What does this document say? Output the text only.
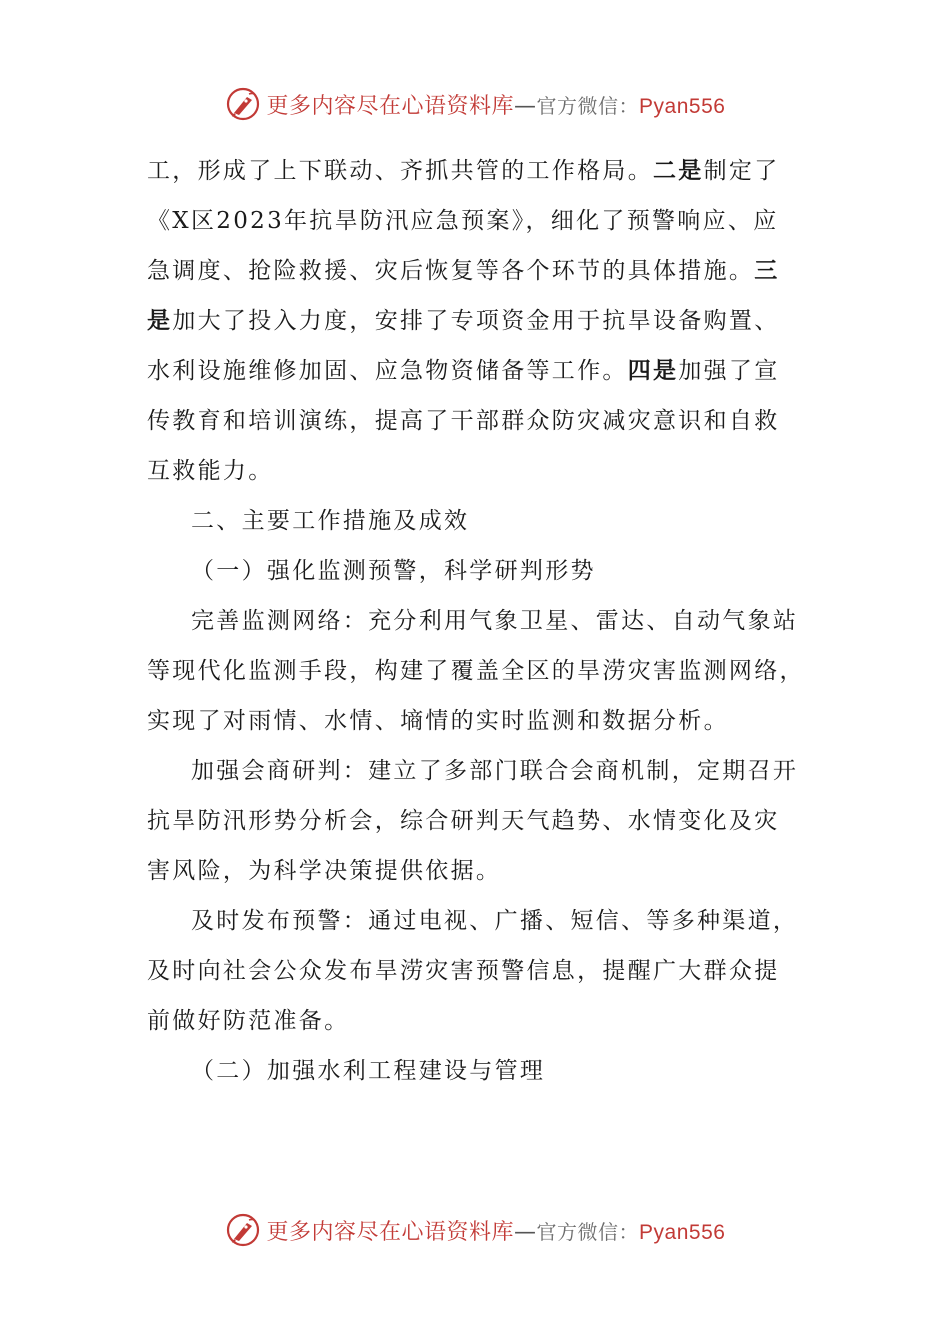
更多内容尽在心语资料库—官方微信：Pyan556
工，形成了上下联动、齐抓共管的工作格局。二是制定了
《X区2023年抗旱防汛应急预案》，细化了预警响应、应
急调度、抢险救援、灾后恢复等各个环节的具体措施。三
是加大了投入力度，安排了专项资金用于抗旱设备购置、
水利设施维修加固、应急物资储备等工作。四是加强了宣
传教育和培训演练，提高了干部群众防灾减灾意识和自救
互救能力。
二、主要工作措施及成效
（一）强化监测预警，科学研判形势
完善监测网络：充分利用气象卫星、雷达、自动气象站
等现代化监测手段，构建了覆盖全区的旱涝灾害监测网络，
实现了对雨情、水情、墒情的实时监测和数据分析。
加强会商研判：建立了多部门联合会商机制，定期召开
抗旱防汛形势分析会，综合研判天气趋势、水情变化及灾
害风险，为科学决策提供依据。
及时发布预警：通过电视、广播、短信、等多种渠道，
及时向社会公众发布旱涝灾害预警信息，提醒广大群众提
前做好防范准备。
（二）加强水利工程建设与管理
更多内容尽在心语资料库—官方微信：Pyan556
